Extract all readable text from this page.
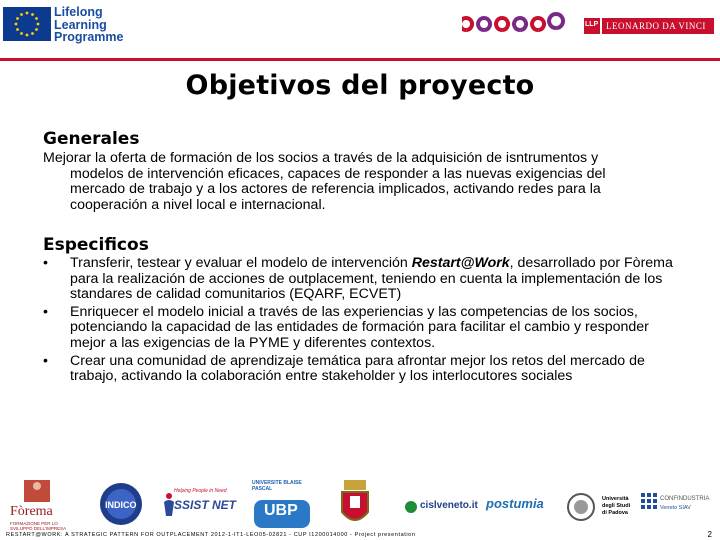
Lifelong
Learning
Programme
LLP LEONARDO DA VINCI
Objetivos del proyecto
Generales
Mejorar la oferta de formación de los socios a través de la adquisición de isntrumentos y
modelos de intervención eficaces, capaces de responder a las nuevas exigencias del
mercado de trabajo y a los actores de referencia implicados, activando redes para la
cooperación a nivel local e internacional.
Especificos
• Transferir, testear y evaluar el modelo de intervención Restart@Work, desarrollado por Fòrema para la realización de acciones de outplacement, teniendo en cuenta la implementación de los standares de calidad comunitarios (EQARF, ECVET)
• Enriquecer el modelo inicial a través de las experiencias y las competencias de los socios, potenciando la capacidad de las entidades de formación para facilitar el cambio y responder mejor a las exigencias de la PYME y diferentes contextos.
• Crear una comunidad de aprendizaje temática para afrontar mejor los retos del mercado de trabajo, activando la colaboración entre stakeholder y los interlocutores sociales
Fòrema
FORMAZIONE PER LO
SVILUPPO DELL'IMPRESA
INDICO
Helping People in Need
SSIST NET
UNIVERSITE BLAISE PASCAL
UBP	cislveneto.it postumia	Università
degli Studi
di Padova
CONFINDUSTRIA
Veneto SIAV
RESTART@WORK: A STRATEGIC PATTERN FOR OUTPLACEMENT 2012-1-IT1-LEO05-02821 - CUP I1200014000 - Project presentation	2
